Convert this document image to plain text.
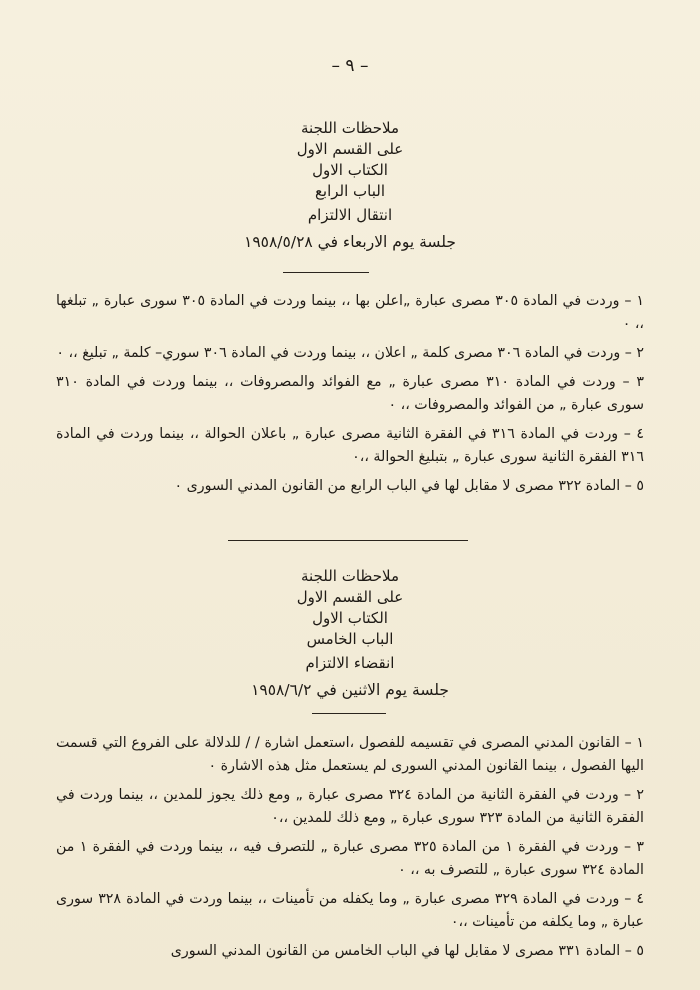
– ٩ –
ملاحظات اللجنة
على القسم الاول
الكتاب الاول
الباب الرابع
انتقال الالتزام
جلسة يوم الاربعاء في ١٩٥٨/٥/٢٨

١ – وردت في المادة ٣٠٥ مصرى عبارة „اعلن بها ،، بينما وردت في المادة ٣٠٥ سورى عبارة „ تبلغها ،، ٠

٢ – وردت في المادة ٣٠٦ مصرى كلمة „ اعلان ،، بينما وردت في المادة ٣٠٦ سوري– كلمة „ تبليغ ،، ٠

٣ – وردت في المادة ٣١٠ مصرى عبارة „ مع الفوائد والمصروفات ،، بينما وردت في المادة ٣١٠ سورى عبارة „ من الفوائد والمصروفات ،، ٠

٤ – وردت في المادة ٣١٦ في الفقرة الثانية مصرى عبارة „ باعلان الحوالة ،، بينما وردت في المادة ٣١٦ الفقرة الثانية سورى عبارة „ بتبليغ الحوالة ،،٠

٥ – المادة ٣٢٢ مصرى لا مقابل لها في الباب الرابع من القانون المدني السورى ٠

ملاحظات اللجنة
على القسم الاول
الكتاب الاول
الباب الخامس
انقضاء الالتزام
جلسة يوم الاثنين في ١٩٥٨/٦/٢

١ – القانون المدني المصرى في تقسيمه للفصول ،استعمل اشارة / / للدلالة على الفروع التي قسمت اليها الفصول ، بينما القانون المدني السورى لم يستعمل مثل هذه الاشارة ٠

٢ – وردت في الفقرة الثانية من المادة ٣٢٤ مصرى عبارة „ ومع ذلك يجوز للمدين ،، بينما وردت في الفقرة الثانية من المادة ٣٢٣ سورى عبارة „ ومع ذلك للمدين ،،٠

٣ – وردت في الفقرة ١ من المادة ٣٢٥ مصرى عبارة „ للتصرف فيه ،، بينما وردت في الفقرة ١ من المادة ٣٢٤ سورى عبارة „ للتصرف به ،، ٠

٤ – وردت في المادة ٣٢٩ مصرى عبارة „ وما يكفله من تأمينات ،، بينما وردت في المادة ٣٢٨ سورى عبارة „ وما يكلفه من تأمينات ،،٠

٥ – المادة ٣٣١ مصرى لا مقابل لها في الباب الخامس من القانون المدني السورى
